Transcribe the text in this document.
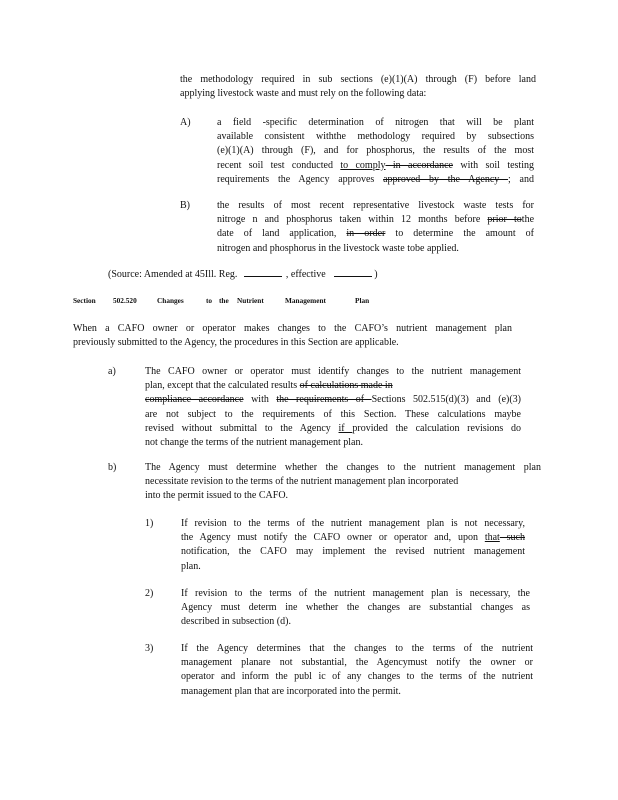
the methodology required in sub sections (e)(1)(A) through (F) before land
applying livestock waste and must rely on the following data:
A)	a field -specific determination of nitrogen that will be plant
available consistent withthe methodology required by subsections
(e)(1)(A) through (F), and for phosphorus, the results of the most
recent soil test conducted to comply in accordance with soil testing
requirements the Agency approves approved by the Agency ; and
B)	the results of most recent representative livestock waste tests for
nitroge n and phosphorus taken within 12 months before prior tothe
date of land application, in order to determine the amount of
nitrogen and phosphorus in the livestock waste tobe applied.
(Source: Amended at 45Ill. Reg.	, effective	)
Section 502.520	Changes	to the Nutrient	Management	Plan
When a CAFO owner or operator makes changes to the CAFO’s nutrient management plan
previously submitted to the Agency, the procedures in this Section are applicable.
a)	The CAFO owner or operator must identify changes to the nutrient management
plan, except that the calculated results of calculations made in
compliance accordance with the requirements of Sections 502.515(d)(3) and (e)(3)
are not subject to the requirements of this Section. These calculations maybe
revised without submittal to the Agency if provided the calculation revisions do
not change the terms of the nutrient management plan.
b)	The Agency must determine whether the changes to the nutrient management plan
necessitate revision to the terms of the nutrient management plan incorporated
into the permit issued to the CAFO.
1)	If revision to the terms of the nutrient management plan is not necessary,
the Agency must notify the CAFO owner or operator and, upon that such
notification, the CAFO may implement the revised nutrient management
plan.
2)	If revision to the terms of the nutrient management plan is necessary, the
Agency must determ ine whether the changes are substantial changes as
described in subsection (d).
3)	If the Agency determines that the changes to the terms of the nutrient
management planare not substantial, the Agencymust notify the owner or
operator and inform the publ ic of any changes to the terms of the nutrient
management plan that are incorporated into the permit.
